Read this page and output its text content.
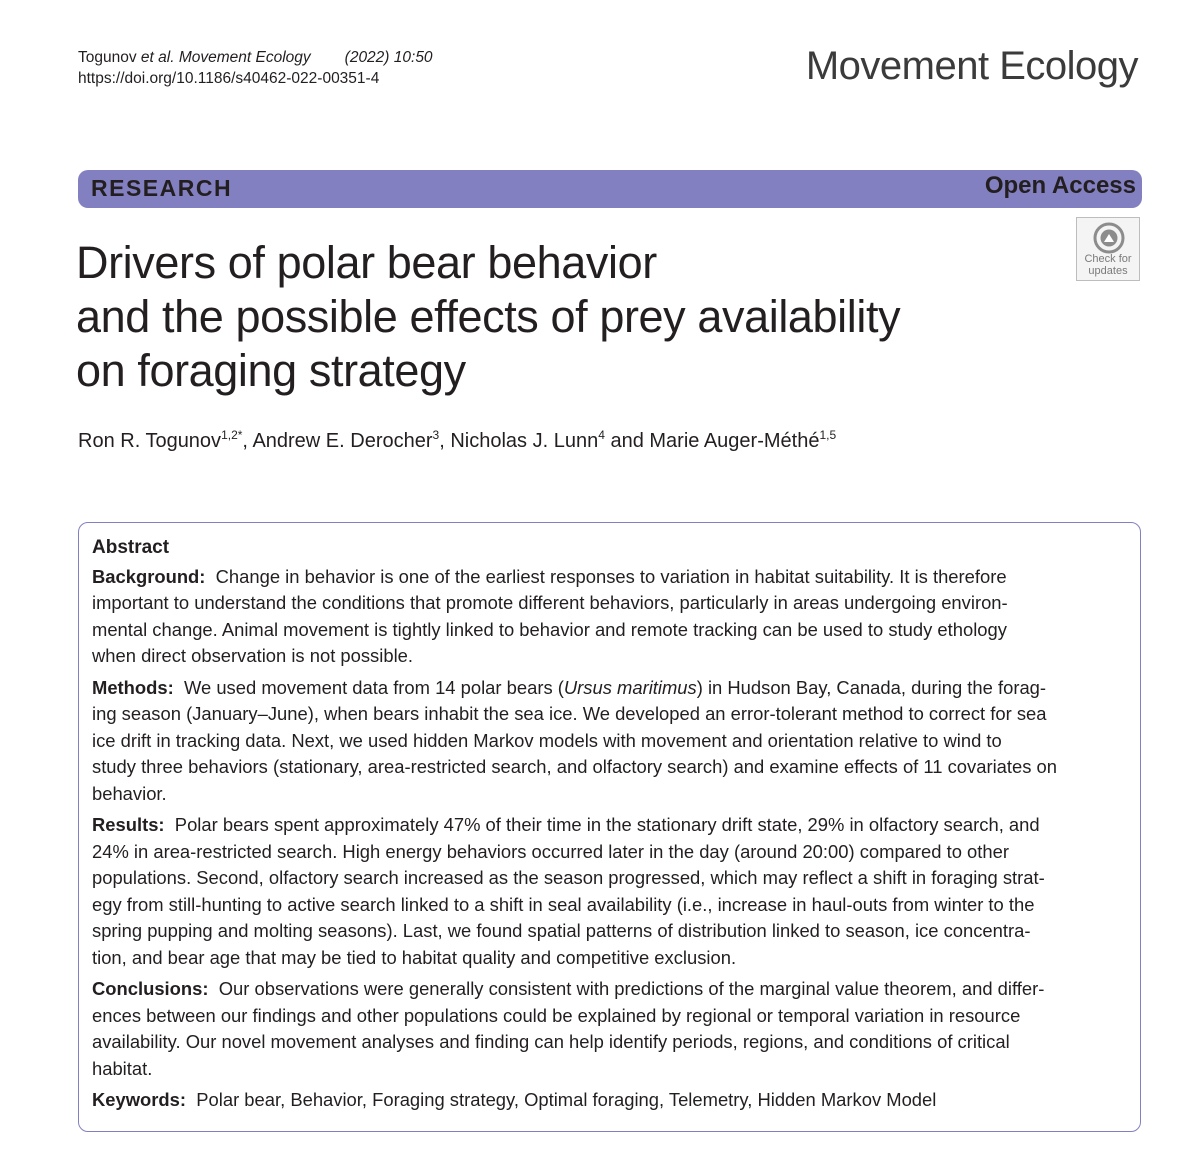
Togunov et al. Movement Ecology (2022) 10:50
https://doi.org/10.1186/s40462-022-00351-4	Movement Ecology
RESEARCH	Open Access
Check for
updates
Drivers of polar bear behavior
and the possible effects of prey availability
on foraging strategy
Ron R. Togunov$^{1,2*}$, Andrew E. Derocher$^3$, Nicholas J. Lunn$^4$ and Marie Auger-Méthé$^{1,5}$
Abstract
Background: Change in behavior is one of the earliest responses to variation in habitat suitability. It is therefore
important to understand the conditions that promote different behaviors, particularly in areas undergoing environ-
mental change. Animal movement is tightly linked to behavior and remote tracking can be used to study ethology
when direct observation is not possible.
Methods: We used movement data from 14 polar bears (Ursus maritimus) in Hudson Bay, Canada, during the forag-
ing season (January–June), when bears inhabit the sea ice. We developed an error-tolerant method to correct for sea
ice drift in tracking data. Next, we used hidden Markov models with movement and orientation relative to wind to
study three behaviors (stationary, area-restricted search, and olfactory search) and examine effects of 11 covariates on
behavior.
Results: Polar bears spent approximately 47% of their time in the stationary drift state, 29% in olfactory search, and
24% in area-restricted search. High energy behaviors occurred later in the day (around 20:00) compared to other
populations. Second, olfactory search increased as the season progressed, which may reflect a shift in foraging strat-
egy from still-hunting to active search linked to a shift in seal availability (i.e., increase in haul-outs from winter to the
spring pupping and molting seasons). Last, we found spatial patterns of distribution linked to season, ice concentra-
tion, and bear age that may be tied to habitat quality and competitive exclusion.
Conclusions: Our observations were generally consistent with predictions of the marginal value theorem, and differ-
ences between our findings and other populations could be explained by regional or temporal variation in resource
availability. Our novel movement analyses and finding can help identify periods, regions, and conditions of critical
habitat.
Keywords: Polar bear, Behavior, Foraging strategy, Optimal foraging, Telemetry, Hidden Markov Model
